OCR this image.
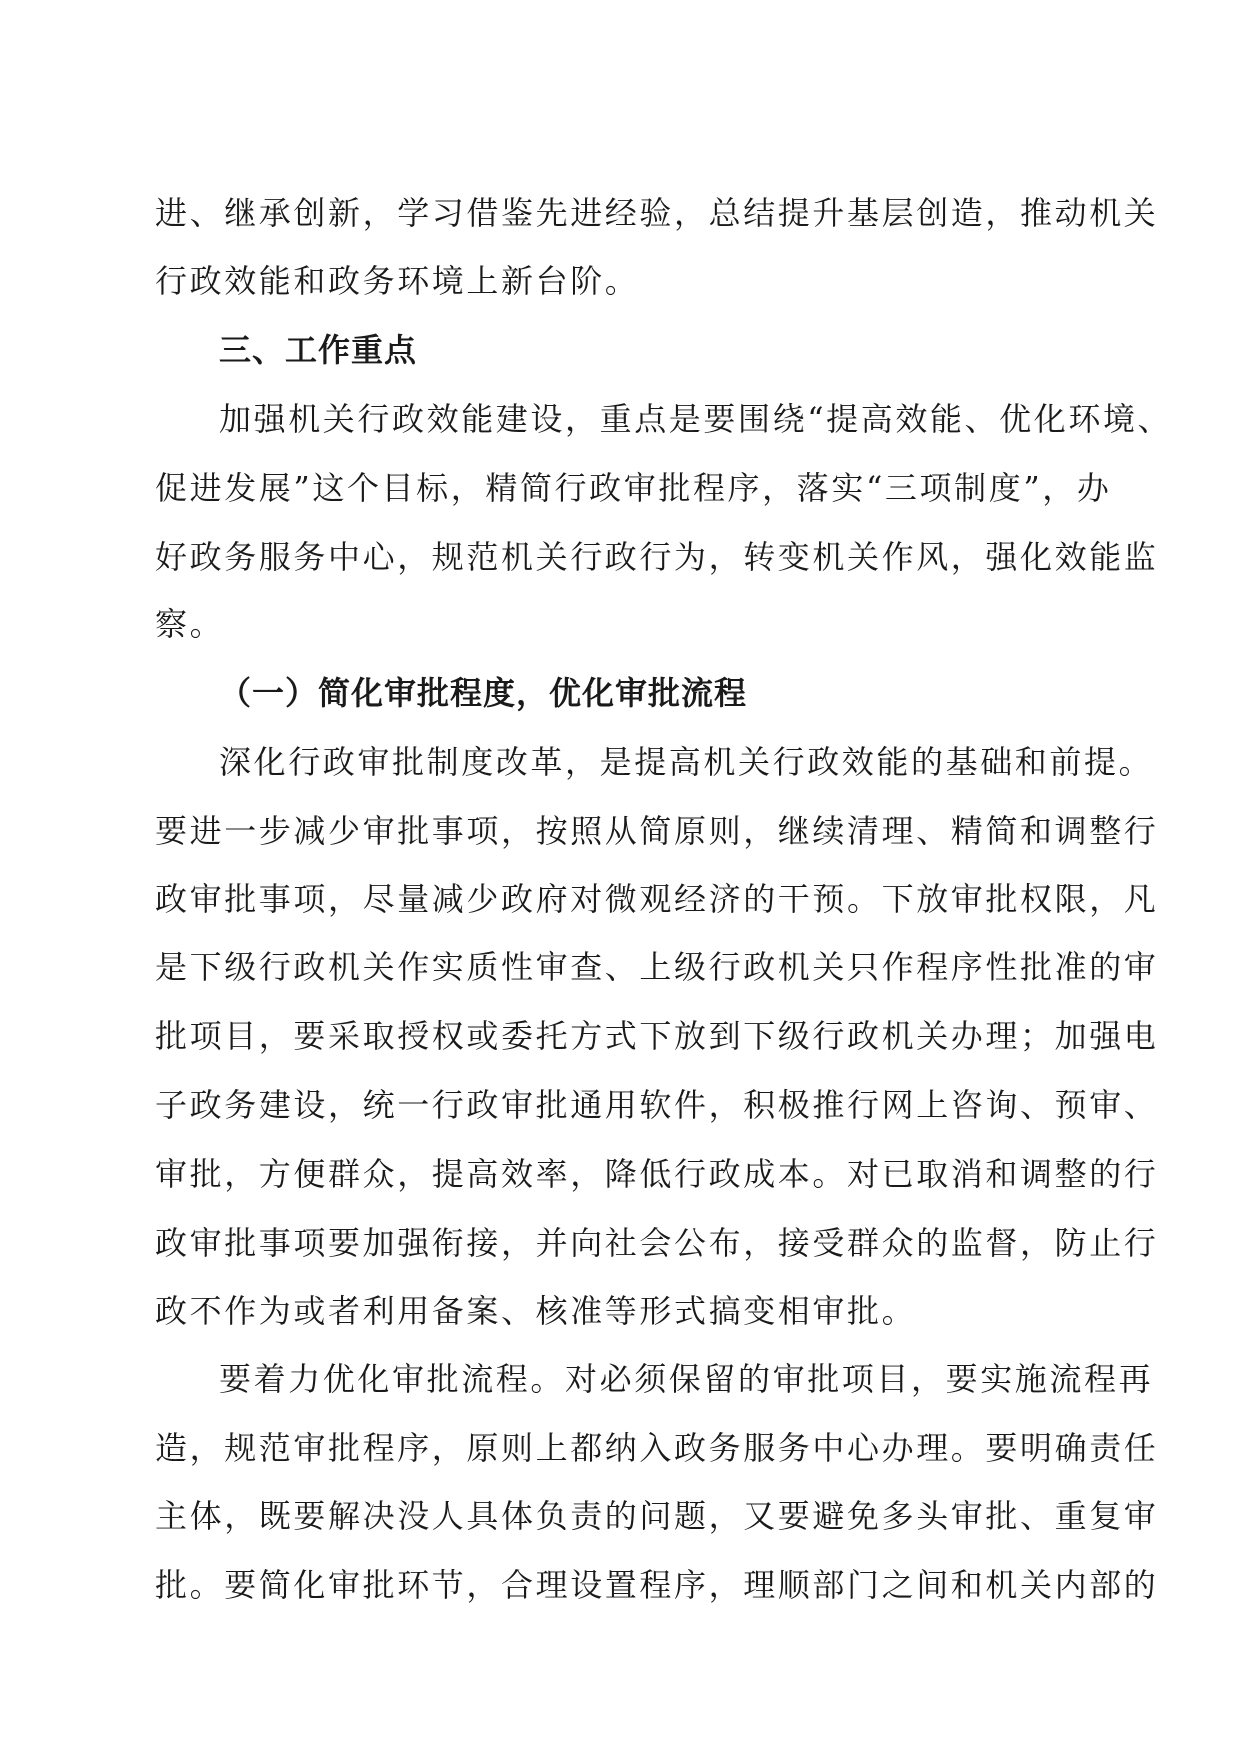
进、继承创新，学习借鉴先进经验，总结提升基层创造，推动机关
行政效能和政务环境上新台阶。
三、工作重点
加强机关行政效能建设，重点是要围绕“提高效能、优化环境、
促进发展”这个目标，精简行政审批程序，落实“三项制度”，办
好政务服务中心，规范机关行政行为，转变机关作风，强化效能监
察。
（一）简化审批程度，优化审批流程
深化行政审批制度改革，是提高机关行政效能的基础和前提。
要进一步减少审批事项，按照从简原则，继续清理、精简和调整行
政审批事项，尽量减少政府对微观经济的干预。下放审批权限，凡
是下级行政机关作实质性审查、上级行政机关只作程序性批准的审
批项目，要采取授权或委托方式下放到下级行政机关办理；加强电
子政务建设，统一行政审批通用软件，积极推行网上咨询、预审、
审批，方便群众，提高效率，降低行政成本。对已取消和调整的行
政审批事项要加强衔接，并向社会公布，接受群众的监督，防止行
政不作为或者利用备案、核准等形式搞变相审批。
要着力优化审批流程。对必须保留的审批项目，要实施流程再
造，规范审批程序，原则上都纳入政务服务中心办理。要明确责任
主体，既要解决没人具体负责的问题，又要避免多头审批、重复审
批。要简化审批环节，合理设置程序，理顺部门之间和机关内部的
